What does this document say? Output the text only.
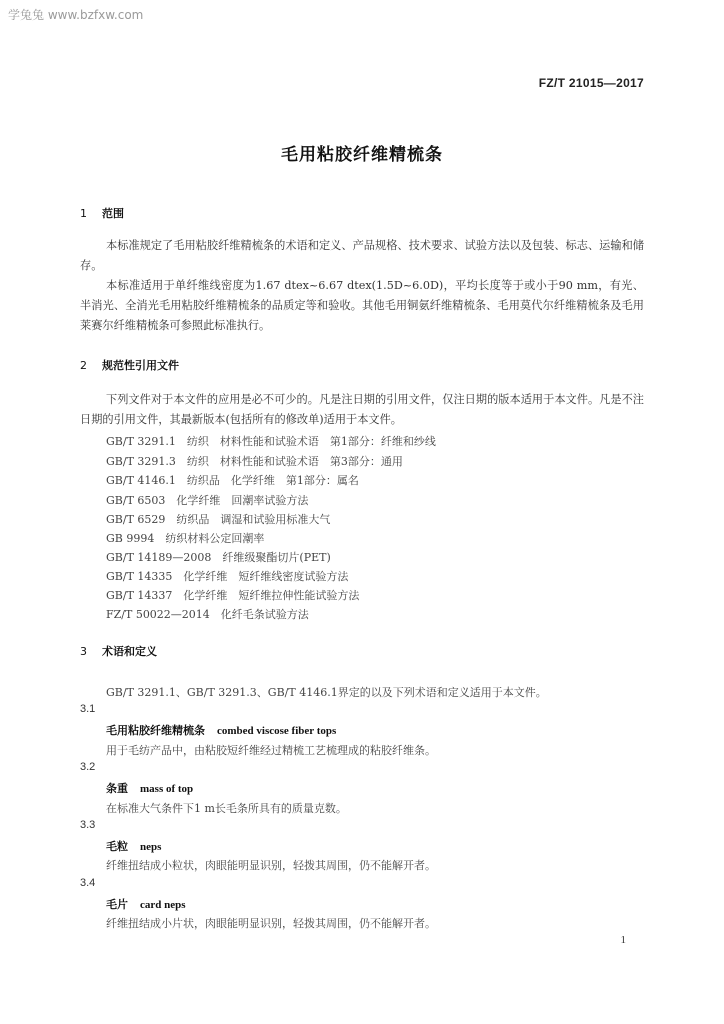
学兔兔 www.bzfxw.com
FZ/T 21015—2017
毛用粘胶纤维精梳条
1 范围
本标准规定了毛用粘胶纤维精梳条的术语和定义、产品规格、技术要求、试验方法以及包装、标志、运输和储存。
本标准适用于单纤维线密度为1.67 dtex~6.67 dtex(1.5D~6.0D)，平均长度等于或小于90 mm，有光、半消光、全消光毛用粘胶纤维精梳条的品质定等和验收。其他毛用铜氨纤维精梳条、毛用莫代尔纤维精梳条及毛用莱赛尔纤维精梳条可参照此标准执行。
2 规范性引用文件
下列文件对于本文件的应用是必不可少的。凡是注日期的引用文件，仅注日期的版本适用于本文件。凡是不注日期的引用文件，其最新版本(包括所有的修改单)适用于本文件。
GB/T 3291.1　纺织　材料性能和试验术语　第1部分：纤维和纱线
GB/T 3291.3　纺织　材料性能和试验术语　第3部分：通用
GB/T 4146.1　纺织品　化学纤维　第1部分：属名
GB/T 6503　化学纤维　回潮率试验方法
GB/T 6529　纺织品　调湿和试验用标准大气
GB 9994　纺织材料公定回潮率
GB/T 14189—2008　纤维级聚酯切片(PET)
GB/T 14335　化学纤维　短纤维线密度试验方法
GB/T 14337　化学纤维　短纤维拉伸性能试验方法
FZ/T 50022—2014　化纤毛条试验方法
3 术语和定义
GB/T 3291.1、GB/T 3291.3、GB/T 4146.1界定的以及下列术语和定义适用于本文件。
3.1
毛用粘胶纤维精梳条 combed viscose fiber tops
用于毛纺产品中，由粘胶短纤维经过精梳工艺梳理成的粘胶纤维条。
3.2
条重 mass of top
在标准大气条件下1 m长毛条所具有的质量克数。
3.3
毛粒 neps
纤维扭结成小粒状，肉眼能明显识别，轻拨其周围，仍不能解开者。
3.4
毛片 card neps
纤维扭结成小片状，肉眼能明显识别，轻拨其周围，仍不能解开者。
1
